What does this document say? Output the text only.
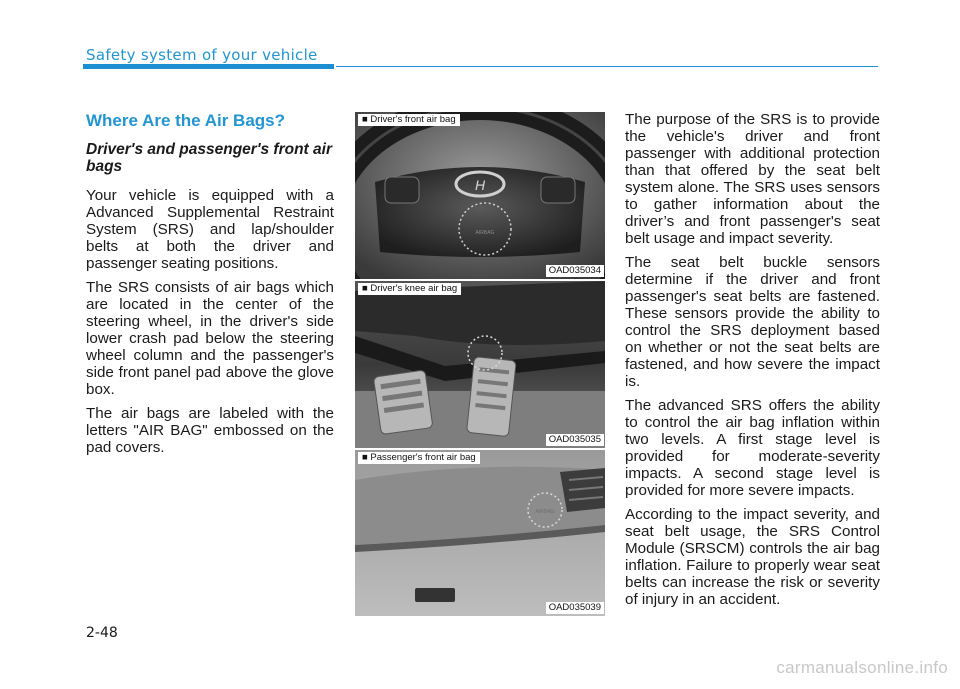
Safety system of your vehicle
Where Are the Air Bags?
Driver's and passenger's front air bags

Your vehicle is equipped with a Advanced Supplemental Restraint System (SRS) and lap/shoulder belts at both the driver and passenger seating positions.

The SRS consists of air bags which are located in the center of the steering wheel, in the driver's side lower crash pad below the steering wheel column and the passenger's side front panel pad above the glove box.

The air bags are labeled with the letters "AIR BAG" embossed on the pad covers.

H
AIRBAG
■ Driver's front air bag
OAD035034
■ Driver's knee air bag
OAD035035
AIRBAG
■ Passenger's front air bag
OAD035039

The purpose of the SRS is to provide the vehicle's driver and front passenger with additional protection than that offered by the seat belt system alone. The SRS uses sensors to gather information about the driver’s and front passenger's seat belt usage and impact severity.

The seat belt buckle sensors determine if the driver and front passenger's seat belts are fastened. These sensors provide the ability to control the SRS deployment based on whether or not the seat belts are fastened, and how severe the impact is.

The advanced SRS offers the ability to control the air bag inflation within two levels. A first stage level is provided for moderate-severity impacts. A second stage level is provided for more severe impacts.

According to the impact severity, and seat belt usage, the SRS Control Module (SRSCM) controls the air bag inflation. Failure to properly wear seat belts can increase the risk or severity of injury in an accident.

2-48
carmanualsonline.info
